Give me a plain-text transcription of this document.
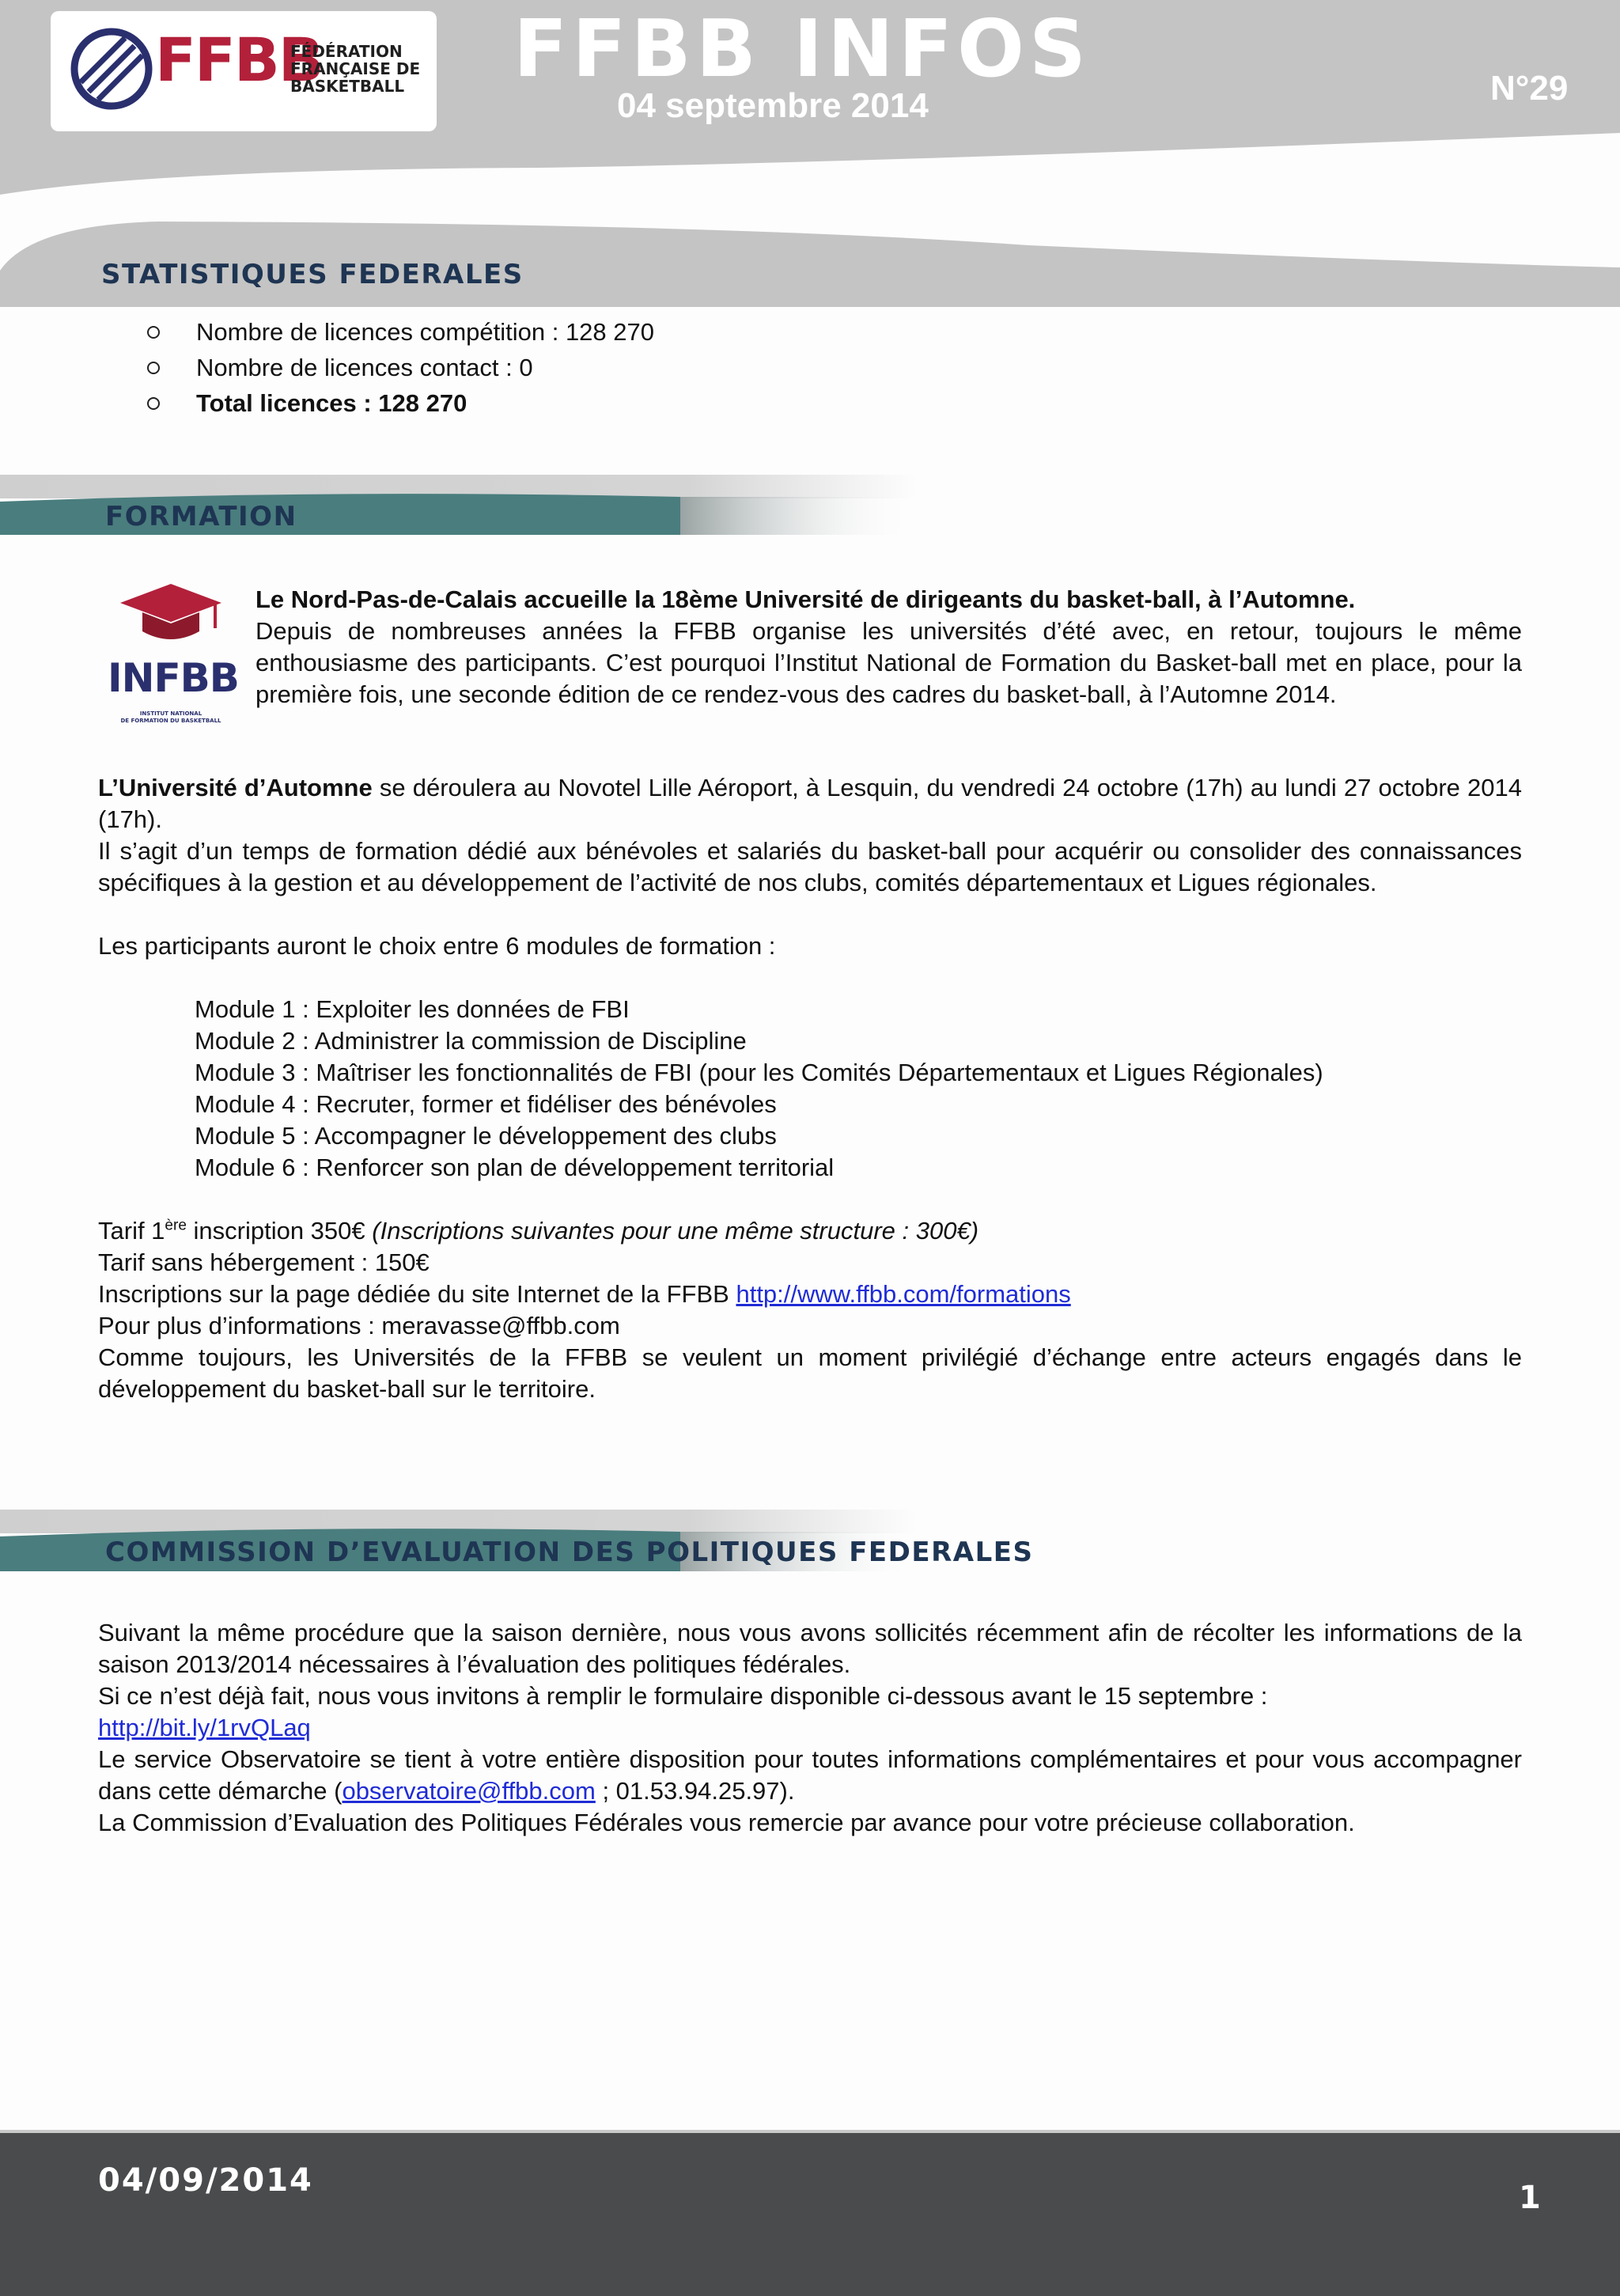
FFBB
FÉDÉRATION
FRANÇAISE DE
BASKETBALL	FFBB INFOS
04 septembre 2014	N°29
STATISTIQUES FEDERALES
Nombre de licences compétition : 128 270
Nombre de licences contact : 0
Total licences : 128 270
FORMATION
INFBB
INSTITUT NATIONAL
DE FORMATION DU BASKETBALL
Le Nord-Pas-de-Calais accueille la 18ème Université de dirigeants du basket-ball, à l’Automne.
Depuis de nombreuses années la FFBB organise les universités d’été avec, en retour, toujours le même enthousiasme des participants. C’est pourquoi l’Institut National de Formation du Basket-ball met en place, pour la première fois, une seconde édition de ce rendez-vous des cadres du basket-ball, à l’Automne 2014.
L’Université d’Automne se déroulera au Novotel Lille Aéroport, à Lesquin, du vendredi 24 octobre (17h) au lundi 27 octobre 2014 (17h).
Il s’agit d’un temps de formation dédié aux bénévoles et salariés du basket-ball pour acquérir ou consolider des connaissances spécifiques à la gestion et au développement de l’activité de nos clubs, comités départementaux et Ligues régionales.
Les participants auront le choix entre 6 modules de formation :
Module 1 : Exploiter les données de FBI
Module 2 : Administrer la commission de Discipline
Module 3 : Maîtriser les fonctionnalités de FBI (pour les Comités Départementaux et Ligues Régionales)
Module 4 : Recruter, former et fidéliser des bénévoles
Module 5 : Accompagner le développement des clubs
Module 6 : Renforcer son plan de développement territorial
Tarif 1ère inscription 350€ (Inscriptions suivantes pour une même structure : 300€)
Tarif sans hébergement : 150€
Inscriptions sur la page dédiée du site Internet de la FFBB http://www.ffbb.com/formations
Pour plus d’informations : meravasse@ffbb.com
Comme toujours, les Universités de la FFBB se veulent un moment privilégié d’échange entre acteurs engagés dans le développement du basket-ball sur le territoire.
COMMISSION D’EVALUATION DES POLITIQUES FEDERALES
Suivant la même procédure que la saison dernière, nous vous avons sollicités récemment afin de récolter les informations de la saison 2013/2014 nécessaires à l’évaluation des politiques fédérales.
Si ce n’est déjà fait, nous vous invitons à remplir le formulaire disponible ci-dessous avant le 15 septembre :
http://bit.ly/1rvQLaq
Le service Observatoire se tient à votre entière disposition pour toutes informations complémentaires et pour vous accompagner dans cette démarche (observatoire@ffbb.com ; 01.53.94.25.97).
La Commission d’Evaluation des Politiques Fédérales vous remercie par avance pour votre précieuse collaboration.
04/09/2014	1
